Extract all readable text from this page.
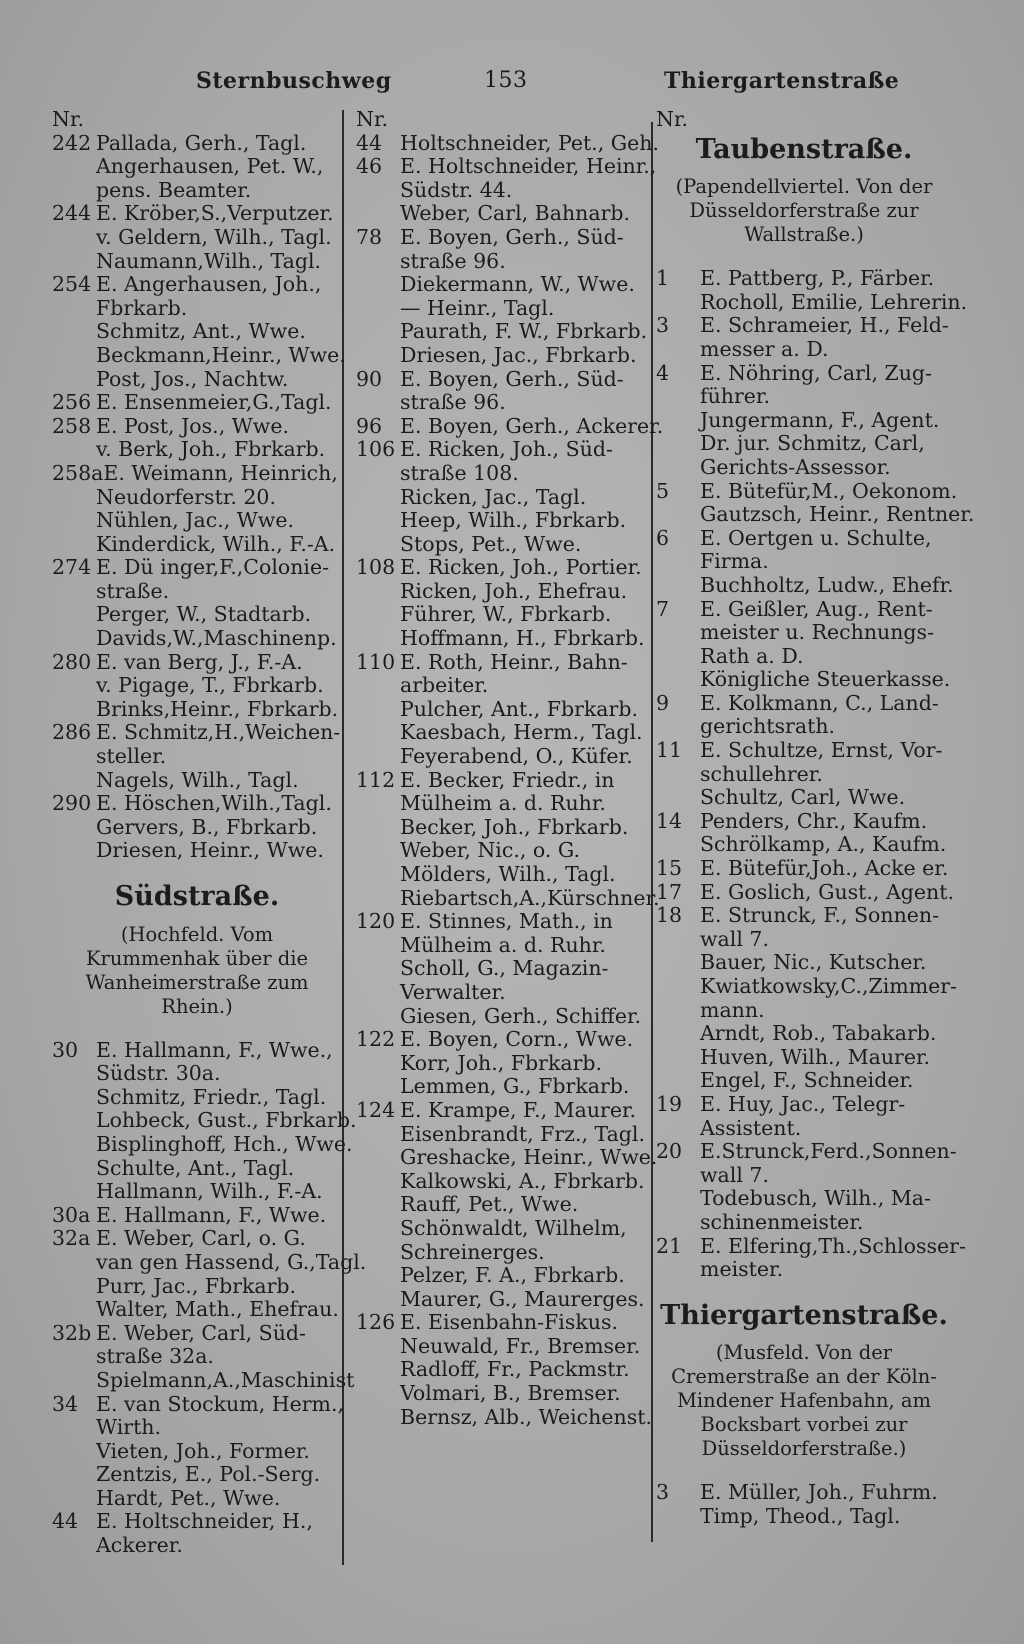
Sternbuschweg	153	Thiergartenstraße
Nr.
242 Pallada, Gerh., Tagl.
Angerhausen, Pet. W.,
pens. Beamter.
244 E. Kröber,S.,Verputzer.
v. Geldern, Wilh., Tagl.
Naumann,Wilh., Tagl.
254 E. Angerhausen, Joh.,
Fbrkarb.
Schmitz, Ant., Wwe.
Beckmann,Heinr., Wwe.
Post, Jos., Nachtw.
256 E. Ensenmeier,G.,Tagl.
258 E. Post, Jos., Wwe.
v. Berk, Joh., Fbrkarb.
258aE. Weimann, Heinrich,
Neudorferstr. 20.
Nühlen, Jac., Wwe.
Kinderdick, Wilh., F.-A.
274 E. Dü inger,F.,Colonie-
straße.
Perger, W., Stadtarb.
Davids,W.,Maschinenp.
280 E. van Berg, J., F.-A.
v. Pigage, T., Fbrkarb.
Brinks,Heinr., Fbrkarb.
286 E. Schmitz,H.,Weichen-
steller.
Nagels, Wilh., Tagl.
290 E. Höschen,Wilh.,Tagl.
Gervers, B., Fbrkarb.
Driesen, Heinr., Wwe.
Südstraße.
(Hochfeld. Vom Krummenhak über die Wanheimerstraße zum Rhein.)
30 E. Hallmann, F., Wwe.,
Südstr. 30a.
Schmitz, Friedr., Tagl.
Lohbeck, Gust., Fbrkarb.
Bisplinghoff, Hch., Wwe.
Schulte, Ant., Tagl.
Hallmann, Wilh., F.-A.
30a E. Hallmann, F., Wwe.
32a E. Weber, Carl, o. G.
van gen Hassend, G.,Tagl.
Purr, Jac., Fbrkarb.
Walter, Math., Ehefrau.
32b E. Weber, Carl, Süd-
straße 32a.
Spielmann,A.,Maschinist
34 E. van Stockum, Herm.,
Wirth.
Vieten, Joh., Former.
Zentzis, E., Pol.-Serg.
Hardt, Pet., Wwe.
44 E. Holtschneider, H.,
Ackerer.
Nr.
44 Holtschneider, Pet., Geh.
46 E. Holtschneider, Heinr.,
Südstr. 44.
Weber, Carl, Bahnarb.
78 E. Boyen, Gerh., Süd-
straße 96.
Diekermann, W., Wwe.
— Heinr., Tagl.
Paurath, F. W., Fbrkarb.
Driesen, Jac., Fbrkarb.
90 E. Boyen, Gerh., Süd-
straße 96.
96 E. Boyen, Gerh., Ackerer.
106 E. Ricken, Joh., Süd-
straße 108.
Ricken, Jac., Tagl.
Heep, Wilh., Fbrkarb.
Stops, Pet., Wwe.
108 E. Ricken, Joh., Portier.
Ricken, Joh., Ehefrau.
Führer, W., Fbrkarb.
Hoffmann, H., Fbrkarb.
110 E. Roth, Heinr., Bahn-
arbeiter.
Pulcher, Ant., Fbrkarb.
Kaesbach, Herm., Tagl.
Feyerabend, O., Küfer.
112 E. Becker, Friedr., in
Mülheim a. d. Ruhr.
Becker, Joh., Fbrkarb.
Weber, Nic., o. G.
Mölders, Wilh., Tagl.
Riebartsch,A.,Kürschner.
120 E. Stinnes, Math., in
Mülheim a. d. Ruhr.
Scholl, G., Magazin-
Verwalter.
Giesen, Gerh., Schiffer.
122 E. Boyen, Corn., Wwe.
Korr, Joh., Fbrkarb.
Lemmen, G., Fbrkarb.
124 E. Krampe, F., Maurer.
Eisenbrandt, Frz., Tagl.
Greshacke, Heinr., Wwe.
Kalkowski, A., Fbrkarb.
Rauff, Pet., Wwe.
Schönwaldt, Wilhelm,
Schreinerges.
Pelzer, F. A., Fbrkarb.
Maurer, G., Maurerges.
126 E. Eisenbahn-Fiskus.
Neuwald, Fr., Bremser.
Radloff, Fr., Packmstr.
Volmari, B., Bremser.
Bernsz, Alb., Weichenst.
Nr.
Taubenstraße.
(Papendellviertel. Von der Düsseldorferstraße zur Wallstraße.)
1 E. Pattberg, P., Färber.
Rocholl, Emilie, Lehrerin.
3 E. Schrameier, H., Feld-
messer a. D.
4 E. Nöhring, Carl, Zug-
führer.
Jungermann, F., Agent.
Dr. jur. Schmitz, Carl,
Gerichts-Assessor.
5 E. Bütefür,M., Oekonom.
Gautzsch, Heinr., Rentner.
6 E. Oertgen u. Schulte,
Firma.
Buchholtz, Ludw., Ehefr.
7 E. Geißler, Aug., Rent-
meister u. Rechnungs-
Rath a. D.
Königliche Steuerkasse.
9 E. Kolkmann, C., Land-
gerichtsrath.
11 E. Schultze, Ernst, Vor-
schullehrer.
Schultz, Carl, Wwe.
14 Penders, Chr., Kaufm.
Schrölkamp, A., Kaufm.
15 E. Bütefür,Joh., Acke er.
17 E. Goslich, Gust., Agent.
18 E. Strunck, F., Sonnen-
wall 7.
Bauer, Nic., Kutscher.
Kwiatkowsky,C.,Zimmer-
mann.
Arndt, Rob., Tabakarb.
Huven, Wilh., Maurer.
Engel, F., Schneider.
19 E. Huy, Jac., Telegr-
Assistent.
20 E.Strunck,Ferd.,Sonnen-
wall 7.
Todebusch, Wilh., Ma-
schinenmeister.
21 E. Elfering,Th.,Schlosser-
meister.
Thiergartenstraße.
(Musfeld. Von der Cremerstraße an der Köln-Mindener Hafenbahn, am Bocksbart vorbei zur Düsseldorferstraße.)
3 E. Müller, Joh., Fuhrm.
Timp, Theod., Tagl.
